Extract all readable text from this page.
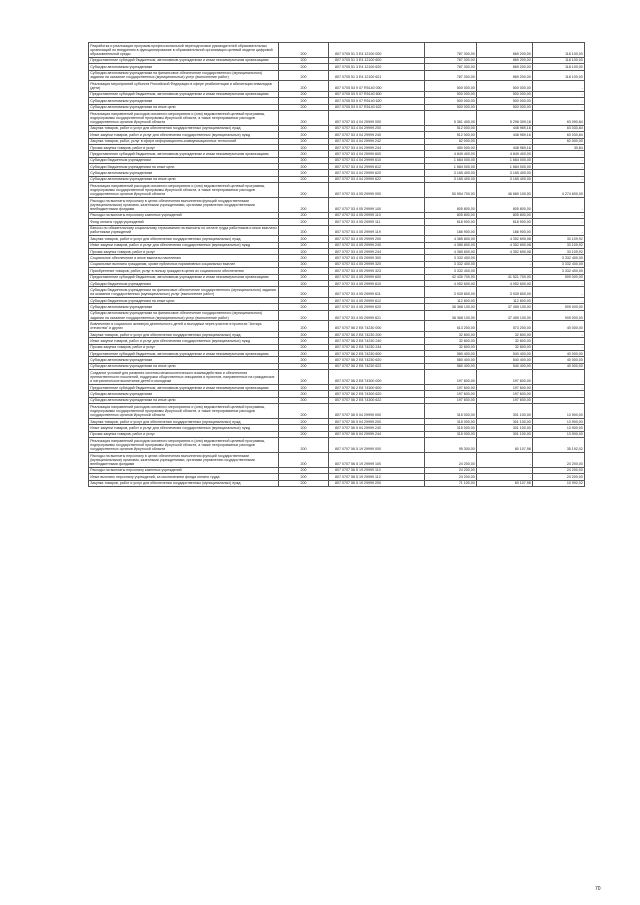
Разработка и реализация программ профессиональной переподготовки руководителей образовательных организаций по внедрению в функционирование в образовательной организации целевой модели цифровой образовательной среды	200	807 0705 51 3 E4 12100 000	787 300,00	669 200,00	118 100,00
Предоставление субсидий бюджетным, автономным учреждениям и иным некоммерческим организациям	200	807 0705 51 3 E4 12100 600	787 300,00	669 200,00	118 100,00
Субсидии автономным учреждениям	200	807 0705 51 3 E4 12100 620	787 300,00	669 200,00	118 100,00
Субсидии автономным учреждениям на финансовое обеспечение государственного (муниципального) задания на оказание государственных (муниципальных) услуг (выполнение работ)	200	807 0705 51 3 E4 12100 621	787 300,00	669 200,00	118 100,00
Реализация мероприятий субъекта Российской Федерации в сфере реабилитации и абилитации инвалидов (дети)	200	807 0705 53 9 07 R5140 000	500 000,00	500 000,00	-
Предоставление субсидий бюджетным, автономным учреждениям и иным некоммерческим организациям	200	807 0705 53 9 07 R5140 600	500 000,00	500 000,00	-
Субсидии автономным учреждениям	200	807 0705 53 9 07 R5140 620	500 000,00	500 000,00	-
Субсидии автономным учреждениям на иные цели	200	807 0705 53 9 07 R5140 622	500 000,00	500 000,00	-
Реализация направлений расходов основного мероприятия и (или) ведомственной целевой программы, подпрограммы государственной программы Иркутской области, а также непрограммных расходов государственных органов Иркутской области	200	807 0707 53 4 04 29999 000	5 361 400,00	5 298 309,16	63 090,84
Закупка товаров, работ и услуг для обеспечения государственных (муниципальных) нужд	200	807 0707 53 4 04 29999 200	512 000,00	448 969,16	63 030,84
Иные закупки товаров, работ и услуг для обеспечения государственных (муниципальных) нужд	200	807 0707 53 4 04 29999 240	512 000,00	448 969,16	63 030,84
Закупка товаров, работ, услуг в сфере информационно-коммуникационных технологий	200	807 0707 53 4 04 29999 242	62 000,00	-	62 000,00
Прочая закупка товаров, работ и услуг	200	807 0707 53 4 04 29999 244	450 000,00	448 969,16	30,84
Предоставление субсидий бюджетным, автономным учреждениям и иным некоммерческим организациям	200	807 0707 53 4 04 29999 600	4 849 400,00	4 849 400,00	-
Субсидии бюджетным учреждениям	200	807 0707 53 4 04 29999 610	1 684 000,00	1 684 000,00	-
Субсидии бюджетным учреждениям на иные цели	200	807 0707 53 4 04 29999 612	1 684 000,00	1 684 000,00	-
Субсидии автономным учреждениям	200	807 0707 53 4 04 29999 620	3 165 400,00	3 165 400,00	-
Субсидии автономным учреждениям на иные цели	200	807 0707 53 4 04 29999 622	3 165 400,00	3 165 400,00	-
Реализация направлений расходов основного мероприятия и (или) ведомственной целевой программы, подпрограммы государственной программы Иркутской области, а также непрограммных расходов государственных органов Иркутской области	200	807 0707 53 4 05 29999 000	50 954 700,00	46 680 100,00	4 274 600,00
Расходы на выплаты персоналу в целях обеспечения выполнения функций государственными (муниципальными) органами, казенными учреждениями, органами управления государственными внебюджетными фондами	200	807 0707 53 4 05 29999 100	805 800,00	805 800,00	-
Расходы на выплаты персоналу казенных учреждений	200	807 0707 53 4 05 29999 110	805 800,00	805 800,00	-
Фонд оплаты труда учреждений	200	807 0707 53 4 05 29999 111	618 900,00	618 900,00	-
Взносы по обязательному социальному страхованию на выплаты по оплате труда работников и иные выплаты работникам учреждений	200	807 0707 53 4 05 29999 119	186 900,00	186 900,00	-
Закупка товаров, работ и услуг для обеспечения государственных (муниципальных) нужд	200	807 0707 53 4 05 29999 200	4 385 800,00	4 352 690,08	33 109,92
Иные закупки товаров, работ и услуг для обеспечения государственных (муниципальных) нужд	200	807 0707 53 4 05 29999 240	4 385 800,00	4 352 690,08	33 109,92
Прочая закупка товаров, работ и услуг	200	807 0707 53 4 05 29999 244	4 385 800,00	4 352 690,08	33 109,92
Социальное обеспечение и иные выплаты населению	200	807 0707 53 4 05 29999 300	3 332 400,00	-	3 332 400,00
Социальные выплаты гражданам, кроме публичных нормативных социальных выплат	200	807 0707 53 4 05 29999 320	3 332 400,00	-	3 332 400,00
Приобретение товаров, работ, услуг в пользу граждан в целях их социального обеспечения	200	807 0707 53 4 05 29999 323	3 332 400,00	-	3 332 400,00
Предоставление субсидий бюджетным, автономным учреждениям и иным некоммерческим организациям	200	807 0707 53 4 05 29999 600	42 430 700,00	41 521 700,00	909 000,00
Субсидии бюджетным учреждениям	200	807 0707 53 4 05 29999 610	4 052 600,00	4 052 600,00	-
Субсидии бюджетным учреждениям на финансовое обеспечение государственного (муниципального) задания на оказание государственных (муниципальных) услуг (выполнение работ)	200	807 0707 53 4 05 29999 611	3 939 800,00	3 939 800,00	-
Субсидии бюджетным учреждениям на иные цели	200	807 0707 53 4 05 29999 612	112 800,00	112 800,00	-
Субсидии автономным учреждениям	200	807 0707 53 4 05 29999 620	38 368 100,00	37 459 100,00	909 000,00
Субсидии автономным учреждениям на финансовое обеспечение государственного (муниципального) задания на оказание государственных (муниципальных) услуг (выполнение работ)	200	807 0707 53 4 05 29999 621	38 368 100,00	37 459 100,00	909 000,00
Вовлечение в социально активную деятельность детей и молодежи через участие в проектах "Алтарь отечества" и других	200	807 0707 56 2 E8 74230 000	613 200,00	573 200,00	40 000,00
Закупка товаров, работ и услуг для обеспечения государственных (муниципальных) нужд	200	807 0707 56 2 E8 74230 200	32 800,00	32 800,00	-
Иные закупки товаров, работ и услуг для обеспечения государственных (муниципальных) нужд	200	807 0707 56 2 E8 74230 240	32 800,00	32 800,00	-
Прочая закупка товаров, работ и услуг	200	807 0707 56 2 E8 74230 244	32 800,00	32 800,00	-
Предоставление субсидий бюджетным, автономным учреждениям и иным некоммерческим организациям	200	807 0707 56 2 E8 74230 600	580 400,00	540 400,00	40 000,00
Субсидии автономным учреждениям	200	807 0707 56 2 E8 74230 620	580 400,00	540 400,00	40 000,00
Субсидии автономным учреждениям на иные цели	200	807 0707 56 2 E8 74230 622	580 400,00	540 400,00	40 000,00
Создание условий для развития системы межпоколенческого взаимодействия и обеспечения преемственности поколений, поддержки общественных инициатив и проектов, направленных на гражданское и патриотическое воспитание детей и молодежи	200	807 0707 56 2 E8 74300 000	197 600,00	197 600,00	-
Предоставление субсидий бюджетным, автономным учреждениям и иным некоммерческим организациям	200	807 0707 56 2 E8 74300 600	197 600,00	197 600,00	-
Субсидии автономным учреждениям	200	807 0707 56 2 E8 74300 620	197 600,00	197 600,00	-
Субсидии автономным учреждениям на иные цели	200	807 0707 56 2 E8 74300 622	197 600,00	197 600,00	-
Реализация направлений расходов основного мероприятия и (или) ведомственной целевой программы, подпрограммы государственной программы Иркутской области, а также непрограммных расходов государственных органов Иркутской области	200	807 0707 56 5 04 29999 000	315 000,00	301 100,00	13 900,00
Закупка товаров, работ и услуг для обеспечения государственных (муниципальных) нужд	200	807 0707 56 5 04 29999 200	315 000,00	301 100,00	13 900,00
Иные закупки товаров, работ и услуг для обеспечения государственных (муниципальных) нужд	200	807 0707 56 5 04 29999 240	315 000,00	301 100,00	13 900,00
Прочая закупка товаров, работ и услуг	200	807 0707 56 5 04 29999 244	315 000,00	301 100,00	13 900,00
Реализация направлений расходов основного мероприятия и (или) ведомственной целевой программы, подпрограммы государственной программы Иркутской области, а также непрограммных расходов государственных органов Иркутской области	200	807 0707 56 5 19 29999 000	95 300,00	60 107,98	35 192,02
Расходы на выплаты персоналу в целях обеспечения выполнения функций государственными (муниципальными) органами, казенными учреждениями, органами управления государственными внебюджетными фондами	200	807 0707 56 5 19 29999 100	24 200,00	-	24 200,00
Расходы на выплаты персоналу казенных учреждений	200	807 0707 56 5 19 29999 110	24 200,00	-	24 200,00
Иные выплаты персоналу учреждений, за исключением фонда оплаты труда	200	807 0707 56 5 19 29999 112	24 200,00	-	24 200,00
Закупка товаров, работ и услуг для обеспечения государственных (муниципальных) нужд	200	807 0707 56 5 19 29999 200	71 100,00	60 107,98	10 992,02
70
